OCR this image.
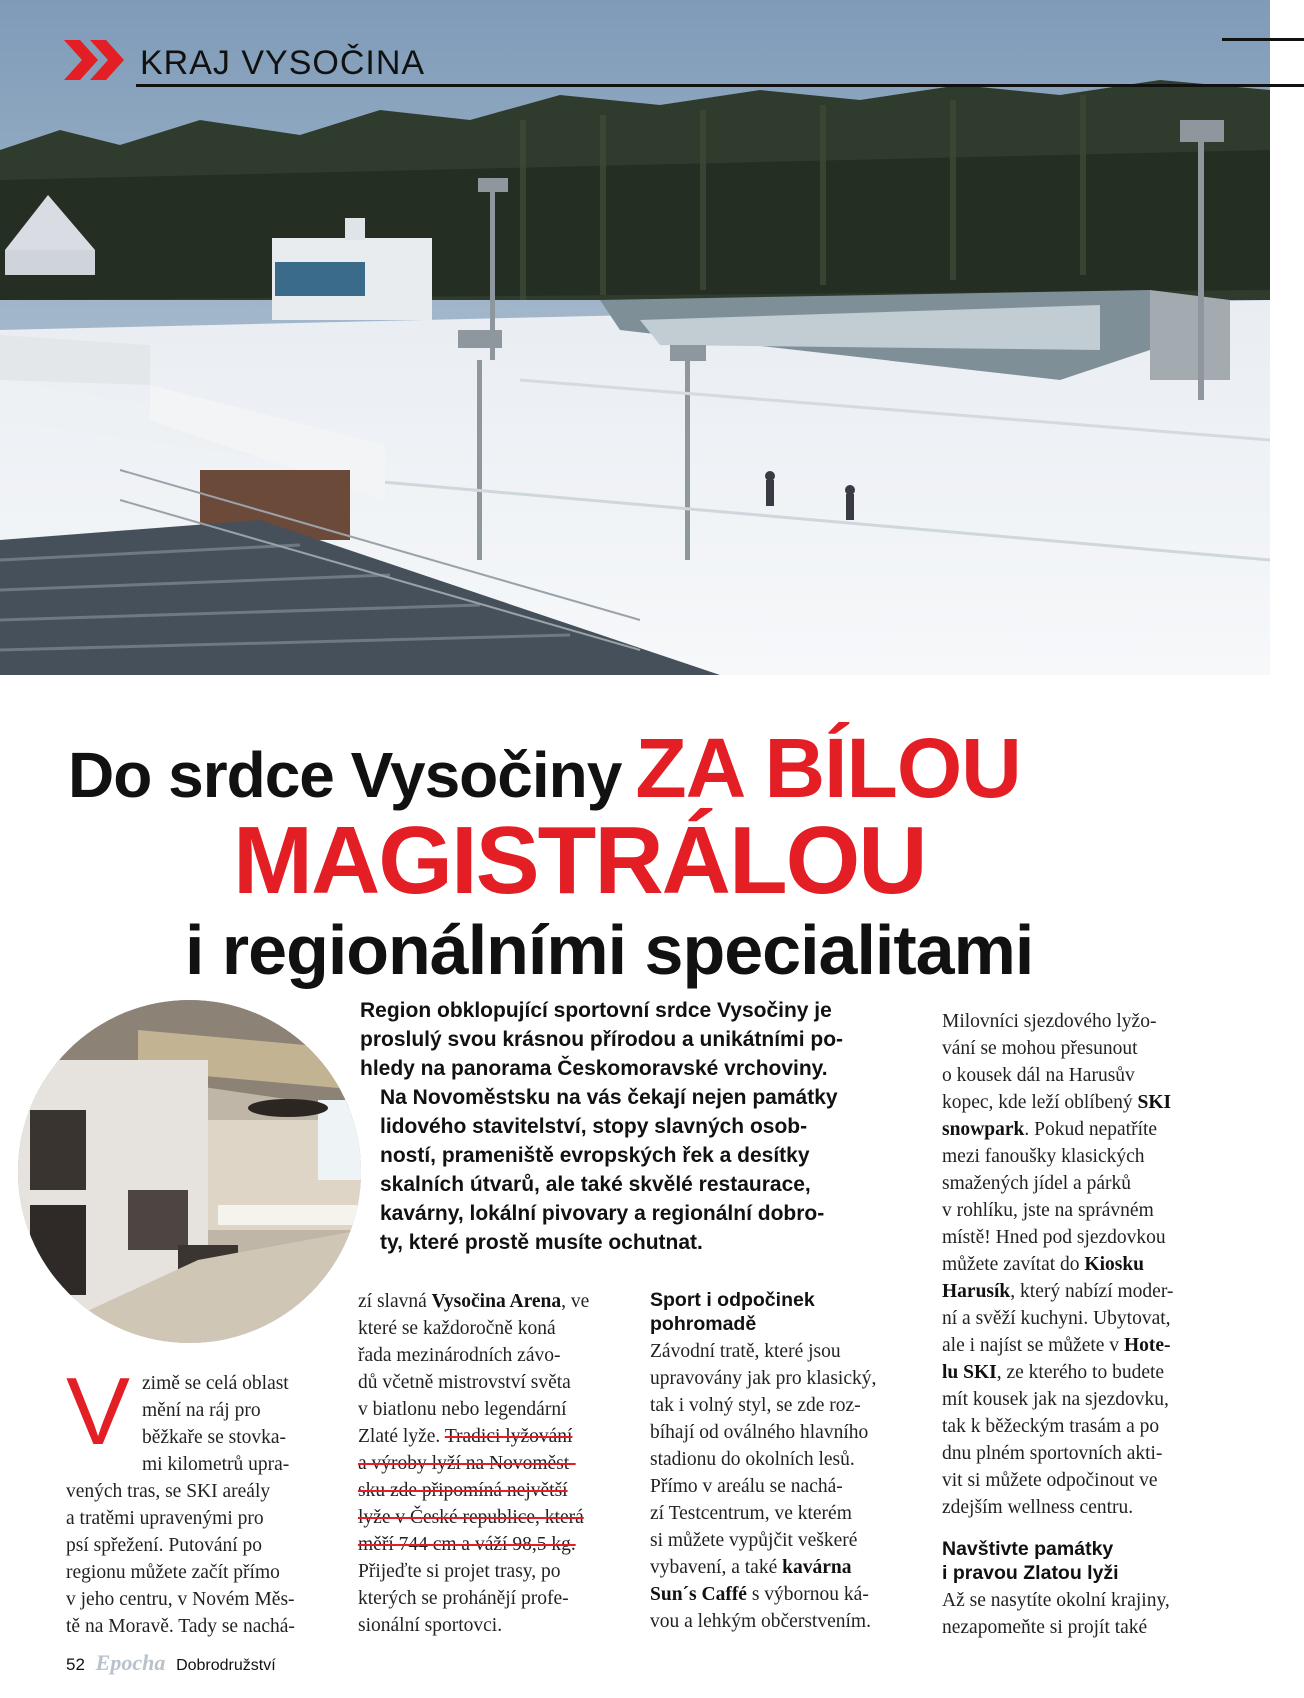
KRAJ VYSOČINA
Do srdce Vysočiny ZA BÍLOU
MAGISTRÁLOU
i regionálními specialitami
Region obklopující sportovní srdce Vysočiny je
proslulý svou krásnou přírodou a unikátními po-
hledy na panorama Českomoravské vrchoviny.
Na Novoměstsku na vás čekají nejen památky
lidového stavitelství, stopy slavných osob-
ností, prameniště evropských řek a desítky
skalních útvarů, ale také skvělé restaurace,
kavárny, lokální pivovary a regionální dobro-
ty, které prostě musíte ochutnat.
V zimě se celá oblast

mění na ráj pro

běžkaře se stovka-

mi kilometrů upra-

vených tras, se SKI areály

a tratěmi upravenými pro

psí spřežení. Putování po

regionu můžete začít přímo

v jeho centru, v Novém Měs-

tě na Moravě. Tady se nachá-

zí slavná Vysočina Arena, ve

které se každoročně koná

řada mezinárodních závo-

dů včetně mistrovství světa

v biatlonu nebo legendární

Zlaté lyže. Tradici lyžování

a výroby lyží na Novoměst-

sku zde připomíná největší

lyže v České republice, která

měří 744 cm a váží 98,5 kg.

Přijeďte si projet trasy, po

kterých se prohánějí profe-

sionální sportovci.

Sport i odpočinek
pohromadě

Závodní tratě, které jsou

upravovány jak pro klasický,

tak i volný styl, se zde roz-

bíhají od oválného hlavního

stadionu do okolních lesů.

Přímo v areálu se nachá-

zí Testcentrum, ve kterém

si můžete vypůjčit veškeré

vybavení, a také kavárna

Sun´s Caffé s výbornou ká-

vou a lehkým občerstvením.

Milovníci sjezdového lyžo-

vání se mohou přesunout

o kousek dál na Harusův

kopec, kde leží oblíbený SKI

snowpark. Pokud nepatříte

mezi fanoušky klasických

smažených jídel a párků

v rohlíku, jste na správném

místě! Hned pod sjezdovkou

můžete zavítat do Kiosku

Harusík, který nabízí moder-

ní a svěží kuchyni. Ubytovat,

ale i najíst se můžete v Hote-

lu SKI, ze kterého to budete

mít kousek jak na sjezdovku,

tak k běžeckým trasám a po

dnu plném sportovních akti-

vit si můžete odpočinout ve

zdejším wellness centru.

Navštivte památky
i pravou Zlatou lyži

Až se nasytíte okolní krajiny,

nezapomeňte si projít také

52 Epocha Dobrodružství
